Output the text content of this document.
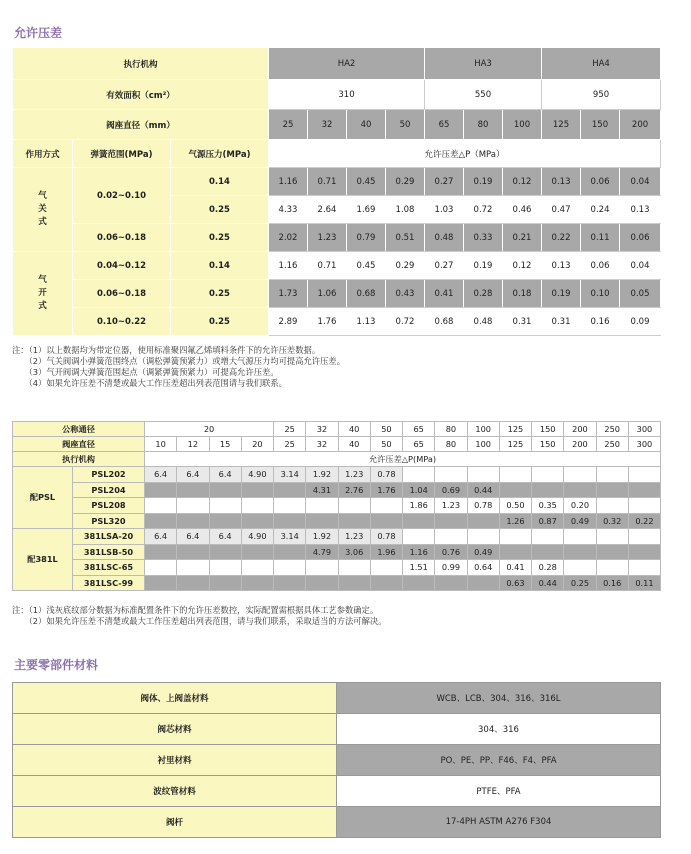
允许压差
执行机构			HA2				HA3			HA4		
有效面积（cm²）			310				550			950		
阀座直径（mm）			25	32	40	50	65	80	100	125	150	200
作用方式	弹簧范围(MPa)	气源压力(MPa)	允许压差△P（MPa）									
气
关
式	0.02~0.10	0.14	1.16	0.71	0.45	0.29	0.27	0.19	0.12	0.13	0.06	0.04
		0.25	4.33	2.64	1.69	1.08	1.03	0.72	0.46	0.47	0.24	0.13
	0.06~0.18	0.25	2.02	1.23	0.79	0.51	0.48	0.33	0.21	0.22	0.11	0.06
气
开
式	0.04~0.12	0.14	1.16	0.71	0.45	0.29	0.27	0.19	0.12	0.13	0.06	0.04
	0.06~0.18	0.25	1.73	1.06	0.68	0.43	0.41	0.28	0.18	0.19	0.10	0.05
	0.10~0.22	0.25	2.89	1.76	1.13	0.72	0.68	0.48	0.31	0.31	0.16	0.09
注：（1）以上数据均为带定位器，使用标准聚四氟乙烯填料条件下的允许压差数据。
　　（2）气关阀调小弹簧范围终点（调松弹簧预紧力）或增大气源压力均可提高允许压差。
　　（3）气开阀调大弹簧范围起点（调紧弹簧预紧力）可提高允许压差。
　　（4）如果允许压差不清楚或最大工作压差超出列表范围请与我们联系。
公称通径		20				25	32	40	50	65	80	100	125	150	200	250	300
阀座直径		10	12	15	20	25	32	40	50	65	80	100	125	150	200	250	300
执行机构		允许压差△P(MPa)															
配PSL	PSL202	6.4	6.4	6.4	4.90	3.14	1.92	1.23	0.78								
	PSL204						4.31	2.76	1.76	1.04	0.69	0.44					
	PSL208									1.86	1.23	0.78	0.50	0.35	0.20		
	PSL320												1.26	0.87	0.49	0.32	0.22
配381L	381LSA-20	6.4	6.4	6.4	4.90	3.14	1.92	1.23	0.78								
	381LSB-50						4.79	3.06	1.96	1.16	0.76	0.49					
	381LSC-65									1.51	0.99	0.64	0.41	0.28			
	381LSC-99												0.63	0.44	0.25	0.16	0.11
注：（1）浅灰底纹部分数据为标准配置条件下的允许压差数控，实际配置需根据具体工艺参数确定。
　　（2）如果允许压差不清楚或最大工作压差超出列表范围，请与我们联系，采取适当的方法可解决。
主要零部件材料
阀体、上阀盖材料	WCB、LCB、304、316、316L
阀芯材料	304、316
衬里材料	PO、PE、PP、F46、F4、PFA
波纹管材料	PTFE、PFA
阀杆	17-4PH ASTM A276 F304
